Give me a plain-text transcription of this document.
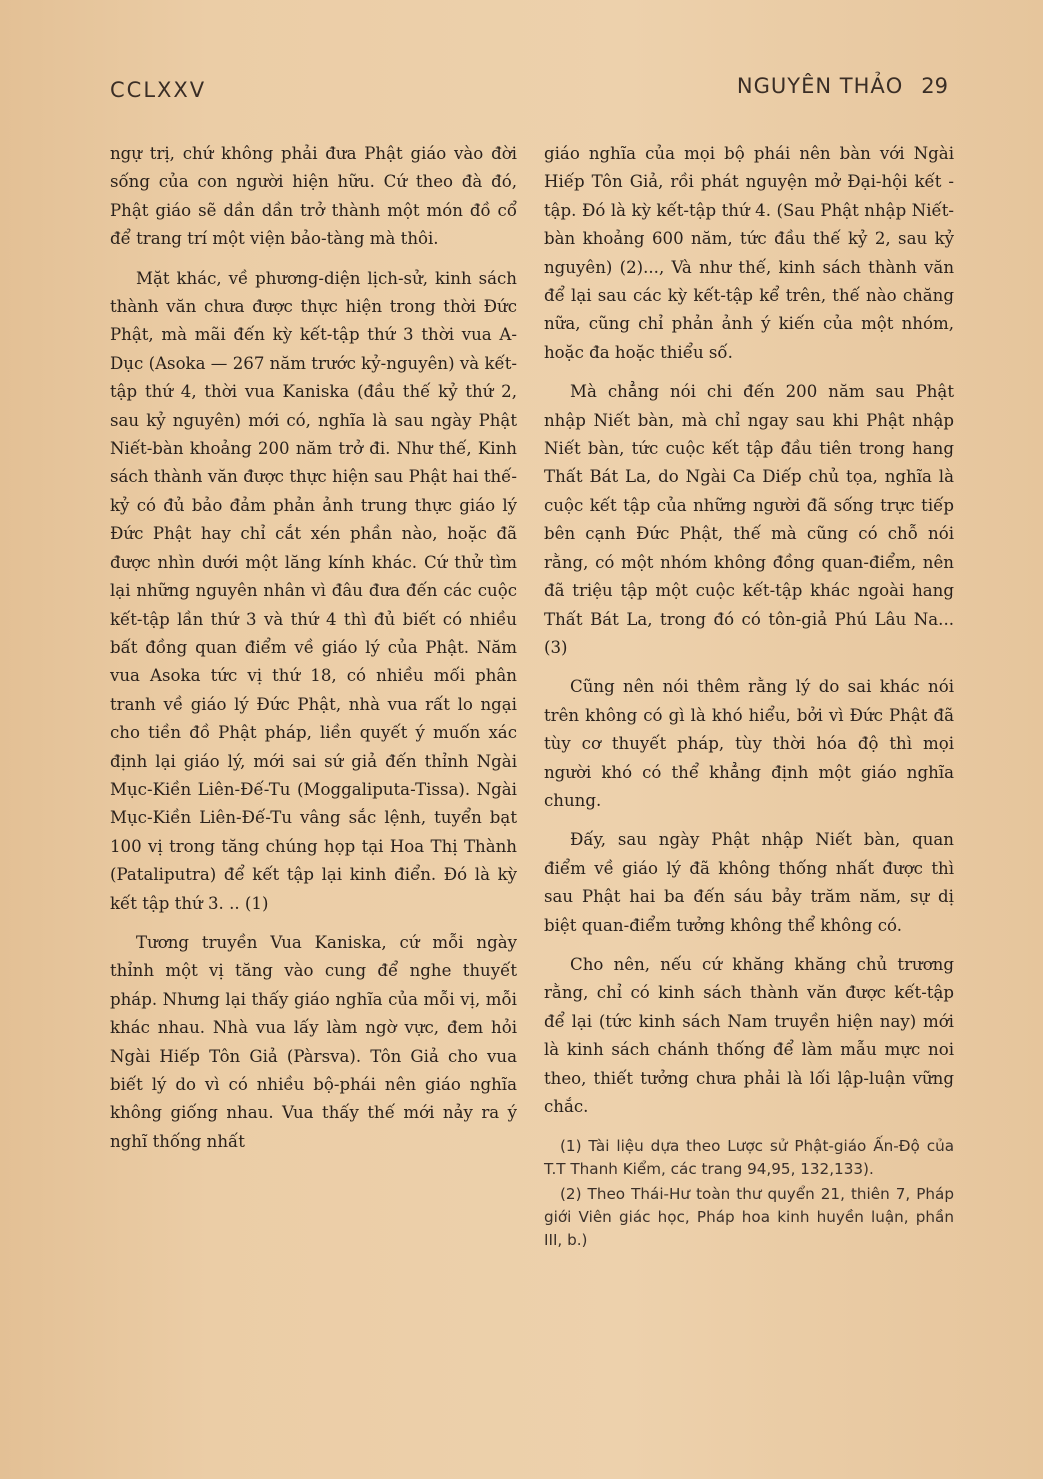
CCLXXV	NGUYÊN THẢO 29

ngự trị, chứ không phải đưa Phật giáo vào đời sống của con người hiện hữu. Cứ theo đà đó, Phật giáo sẽ dần dần trở thành một món đồ cổ để trang trí một viện bảo-tàng mà thôi.

Mặt khác, về phương-diện lịch-sử, kinh sách thành văn chưa được thực hiện trong thời Đức Phật, mà mãi đến kỳ kết-tập thứ 3 thời vua A-Dục (Asoka — 267 năm trước kỷ-nguyên) và kết-tập thứ 4, thời vua Kaniska (đầu thế kỷ thứ 2, sau kỷ nguyên) mới có, nghĩa là sau ngày Phật Niết-bàn khoảng 200 năm trở đi. Như thế, Kinh sách thành văn được thực hiện sau Phật hai thế-kỷ có đủ bảo đảm phản ảnh trung thực giáo lý Đức Phật hay chỉ cắt xén phần nào, hoặc đã được nhìn dưới một lăng kính khác. Cứ thử tìm lại những nguyên nhân vì đâu đưa đến các cuộc kết-tập lần thứ 3 và thứ 4 thì đủ biết có nhiều bất đồng quan điểm về giáo lý của Phật. Năm vua Asoka tức vị thứ 18, có nhiều mối phân tranh về giáo lý Đức Phật, nhà vua rất lo ngại cho tiền đồ Phật pháp, liền quyết ý muốn xác định lại giáo lý, mới sai sứ giả đến thỉnh Ngài Mục-Kiền Liên-Đế-Tu (Moggaliputa-Tissa). Ngài Mục-Kiền Liên-Đế-Tu vâng sắc lệnh, tuyển bạt 100 vị trong tăng chúng họp tại Hoa Thị Thành (Pataliputra) để kết tập lại kinh điển. Đó là kỳ kết tập thứ 3. .. (1)

Tương truyền Vua Kaniska, cứ mỗi ngày thỉnh một vị tăng vào cung để nghe thuyết pháp. Nhưng lại thấy giáo nghĩa của mỗi vị, mỗi khác nhau. Nhà vua lấy làm ngờ vực, đem hỏi Ngài Hiếp Tôn Giả (Pàrsva). Tôn Giả cho vua biết lý do vì có nhiều bộ-phái nên giáo nghĩa không giống nhau. Vua thấy thế mới nảy ra ý nghĩ thống nhất

giáo nghĩa của mọi bộ phái nên bàn với Ngài Hiếp Tôn Giả, rồi phát nguyện mở Đại-hội kết - tập. Đó là kỳ kết-tập thứ 4. (Sau Phật nhập Niết-bàn khoảng 600 năm, tức đầu thế kỷ 2, sau kỷ nguyên) (2)..., Và như thế, kinh sách thành văn để lại sau các kỳ kết-tập kể trên, thế nào chăng nữa, cũng chỉ phản ảnh ý kiến của một nhóm, hoặc đa hoặc thiểu số.

Mà chẳng nói chi đến 200 năm sau Phật nhập Niết bàn, mà chỉ ngay sau khi Phật nhập Niết bàn, tức cuộc kết tập đầu tiên trong hang Thất Bát La, do Ngài Ca Diếp chủ tọa, nghĩa là cuộc kết tập của những người đã sống trực tiếp bên cạnh Đức Phật, thế mà cũng có chỗ nói rằng, có một nhóm không đồng quan-điểm, nên đã triệu tập một cuộc kết-tập khác ngoài hang Thất Bát La, trong đó có tôn-giả Phú Lâu Na... (3)

Cũng nên nói thêm rằng lý do sai khác nói trên không có gì là khó hiểu, bởi vì Đức Phật đã tùy cơ thuyết pháp, tùy thời hóa độ thì mọi người khó có thể khẳng định một giáo nghĩa chung.

Đấy, sau ngày Phật nhập Niết bàn, quan điểm về giáo lý đã không thống nhất được thì sau Phật hai ba đến sáu bảy trăm năm, sự dị biệt quan-điểm tưởng không thể không có.

Cho nên, nếu cứ khăng khăng chủ trương rằng, chỉ có kinh sách thành văn được kết-tập để lại (tức kinh sách Nam truyền hiện nay) mới là kinh sách chánh thống để làm mẫu mực noi theo, thiết tưởng chưa phải là lối lập-luận vững chắc.

(1) Tài liệu dựa theo Lược sử Phật-giáo Ấn-Độ của T.T Thanh Kiểm, các trang 94,95, 132,133).

(2) Theo Thái-Hư toàn thư quyển 21, thiên 7, Pháp giới Viên giác học, Pháp hoa kinh huyền luận, phần III, b.)
